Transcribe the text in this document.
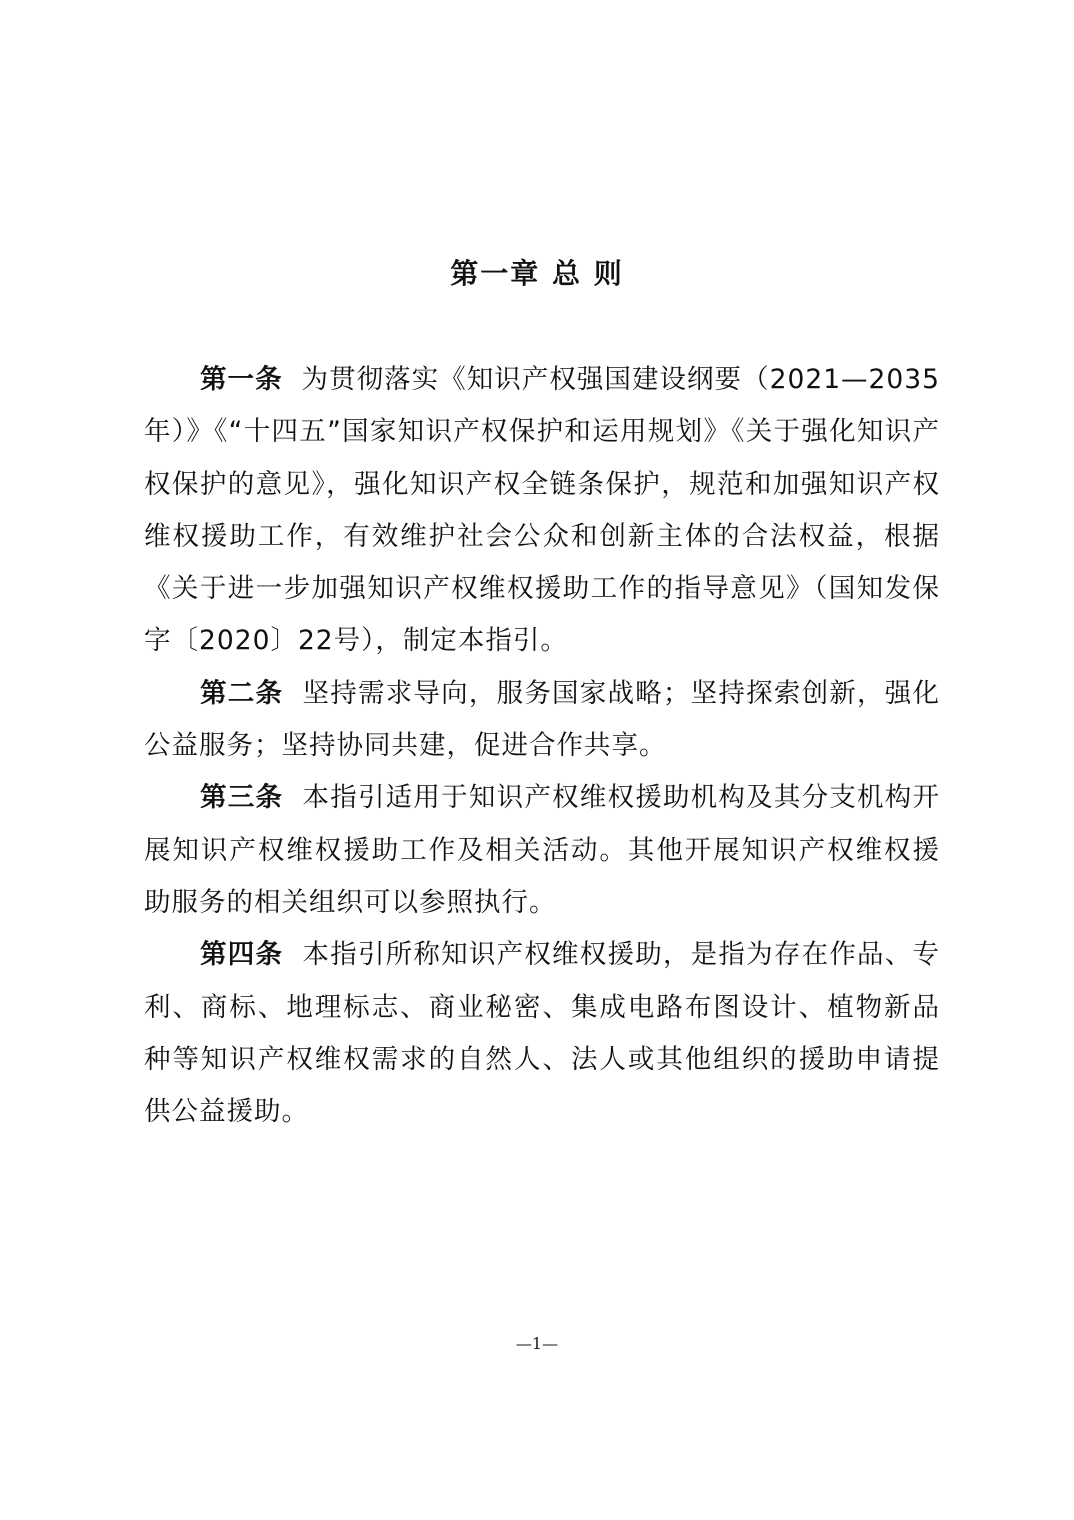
第一章 总 则

第一条 为贯彻落实《知识产权强国建设纲要（2021—2035年）》《“十四五”国家知识产权保护和运用规划》《关于强化知识产权保护的意见》，强化知识产权全链条保护，规范和加强知识产权维权援助工作，有效维护社会公众和创新主体的合法权益，根据《关于进一步加强知识产权维权援助工作的指导意见》（国知发保字〔2020〕22号），制定本指引。

第二条 坚持需求导向，服务国家战略；坚持探索创新，强化公益服务；坚持协同共建，促进合作共享。

第三条 本指引适用于知识产权维权援助机构及其分支机构开展知识产权维权援助工作及相关活动。其他开展知识产权维权援助服务的相关组织可以参照执行。

第四条 本指引所称知识产权维权援助，是指为存在作品、专利、商标、地理标志、商业秘密、集成电路布图设计、植物新品种等知识产权维权需求的自然人、法人或其他组织的援助申请提供公益援助。

—1—
